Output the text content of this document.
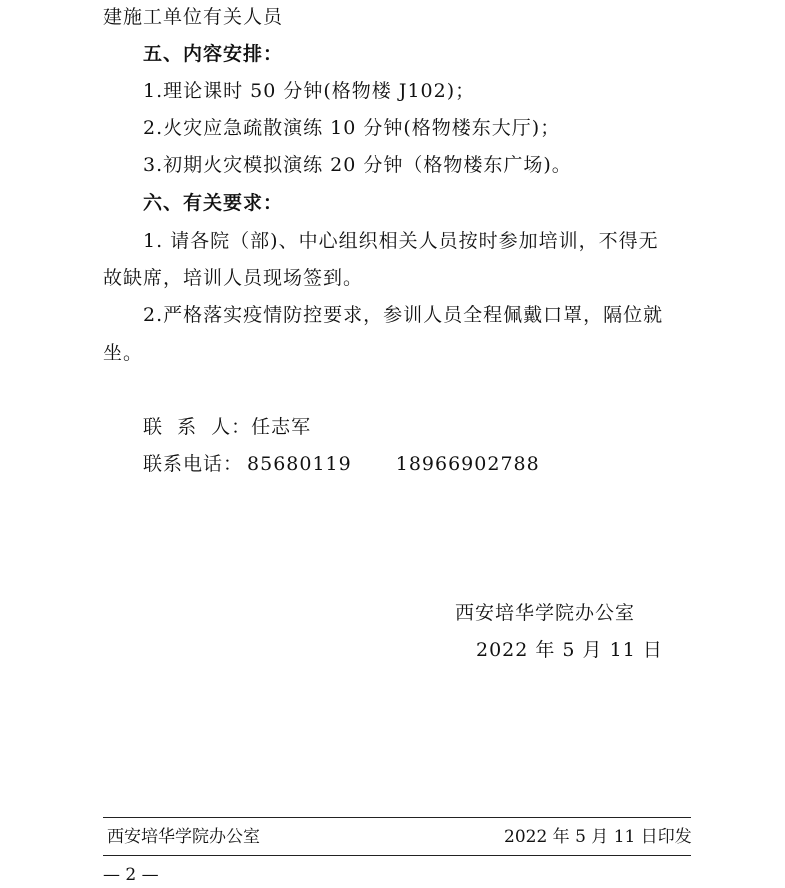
建施工单位有关人员
五、内容安排：
1.理论课时 50 分钟(格物楼 J102)；
2.火灾应急疏散演练 10 分钟(格物楼东大厅)；
3.初期火灾模拟演练 20 分钟（格物楼东广场)。
六、有关要求：
1. 请各院（部)、中心组织相关人员按时参加培训，不得无
故缺席，培训人员现场签到。
2.严格落实疫情防控要求，参训人员全程佩戴口罩，隔位就
坐。
联  系  人：任志军
联系电话： 85680119 18966902788
西安培华学院办公室
2022 年 5 月 11 日
西安培华学院办公室	2022 年 5 月 11 日印发
— 2 —
